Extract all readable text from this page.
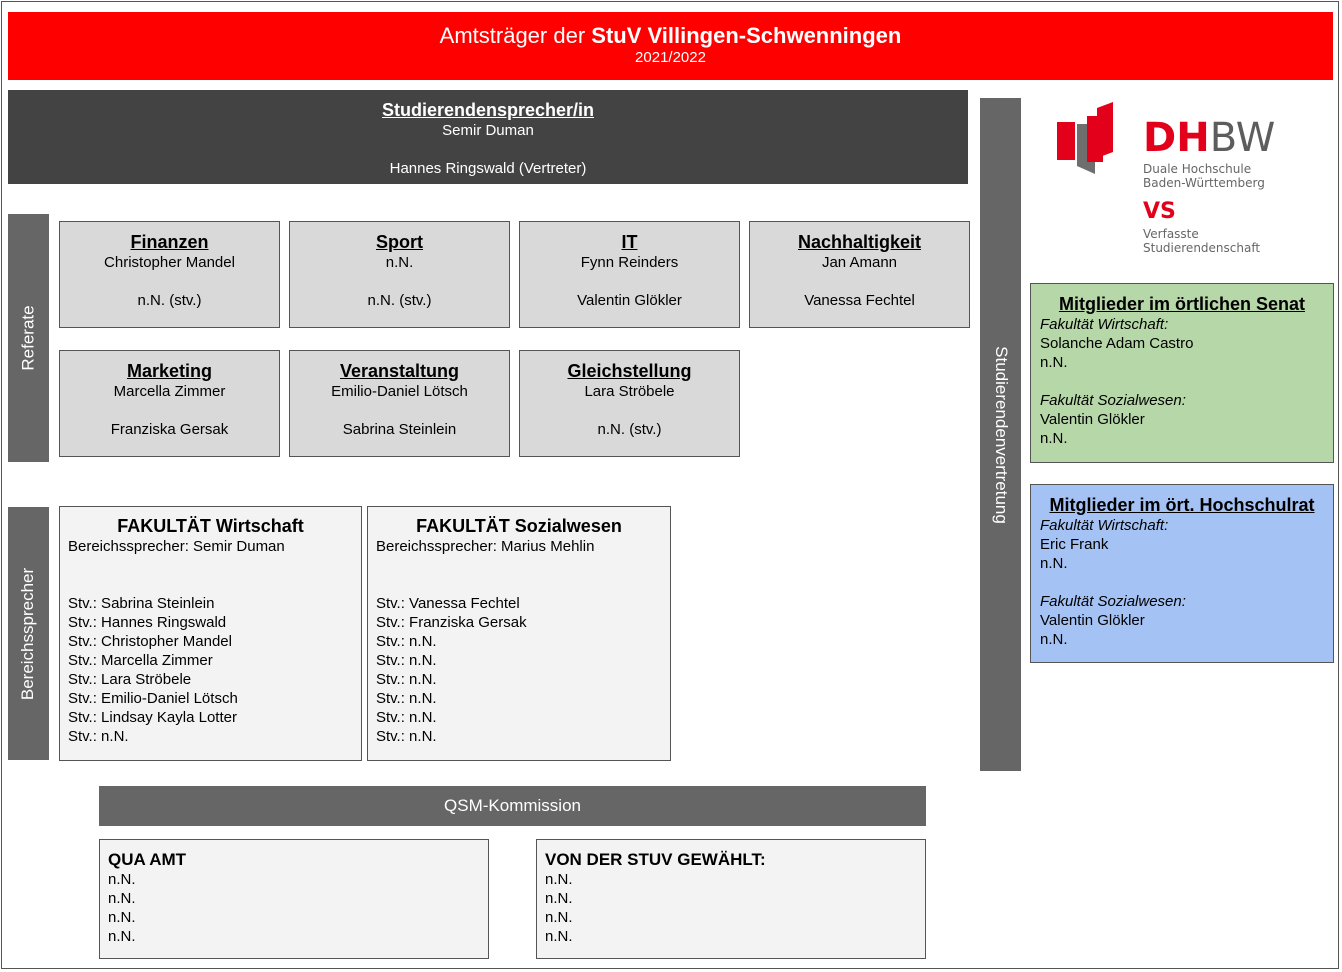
Amtsträger der StuV Villingen-Schwenningen
2021/2022
Studierendensprecher/in
Semir Duman
Hannes Ringswald (Vertreter)
Referate
Finanzen
Christopher Mandel
n.N. (stv.)
Sport
n.N.
n.N. (stv.)
IT
Fynn Reinders
Valentin Glökler
Nachhaltigkeit
Jan Amann
Vanessa Fechtel
Marketing
Marcella Zimmer
Franziska Gersak
Veranstaltung
Emilio-Daniel Lötsch
Sabrina Steinlein
Gleichstellung
Lara Ströbele
n.N. (stv.)
Bereichssprecher
FAKULTÄT Wirtschaft
Bereichssprecher: Semir Duman
Stv.: Sabrina Steinlein
Stv.: Hannes Ringswald
Stv.: Christopher Mandel
Stv.: Marcella Zimmer
Stv.: Lara Ströbele
Stv.: Emilio-Daniel Lötsch
Stv.: Lindsay Kayla Lotter
Stv.: n.N.
FAKULTÄT Sozialwesen
Bereichssprecher: Marius Mehlin
Stv.: Vanessa Fechtel
Stv.: Franziska Gersak
Stv.: n.N.
Stv.: n.N.
Stv.: n.N.
Stv.: n.N.
Stv.: n.N.
Stv.: n.N.
Studierendenvertretung
DHBW
Duale Hochschule
Baden-Württemberg
VS
Verfasste Studierendenschaft
Mitglieder im örtlichen Senat
Fakultät Wirtschaft:
Solanche Adam Castro
n.N.
Fakultät Sozialwesen:
Valentin Glökler
n.N.
Mitglieder im ört. Hochschulrat
Fakultät Wirtschaft:
Eric Frank
n.N.
Fakultät Sozialwesen:
Valentin Glökler
n.N.
QSM-Kommission
QUA AMT
n.N.
n.N.
n.N.
n.N.
VON DER STUV GEWÄHLT:
n.N.
n.N.
n.N.
n.N.
